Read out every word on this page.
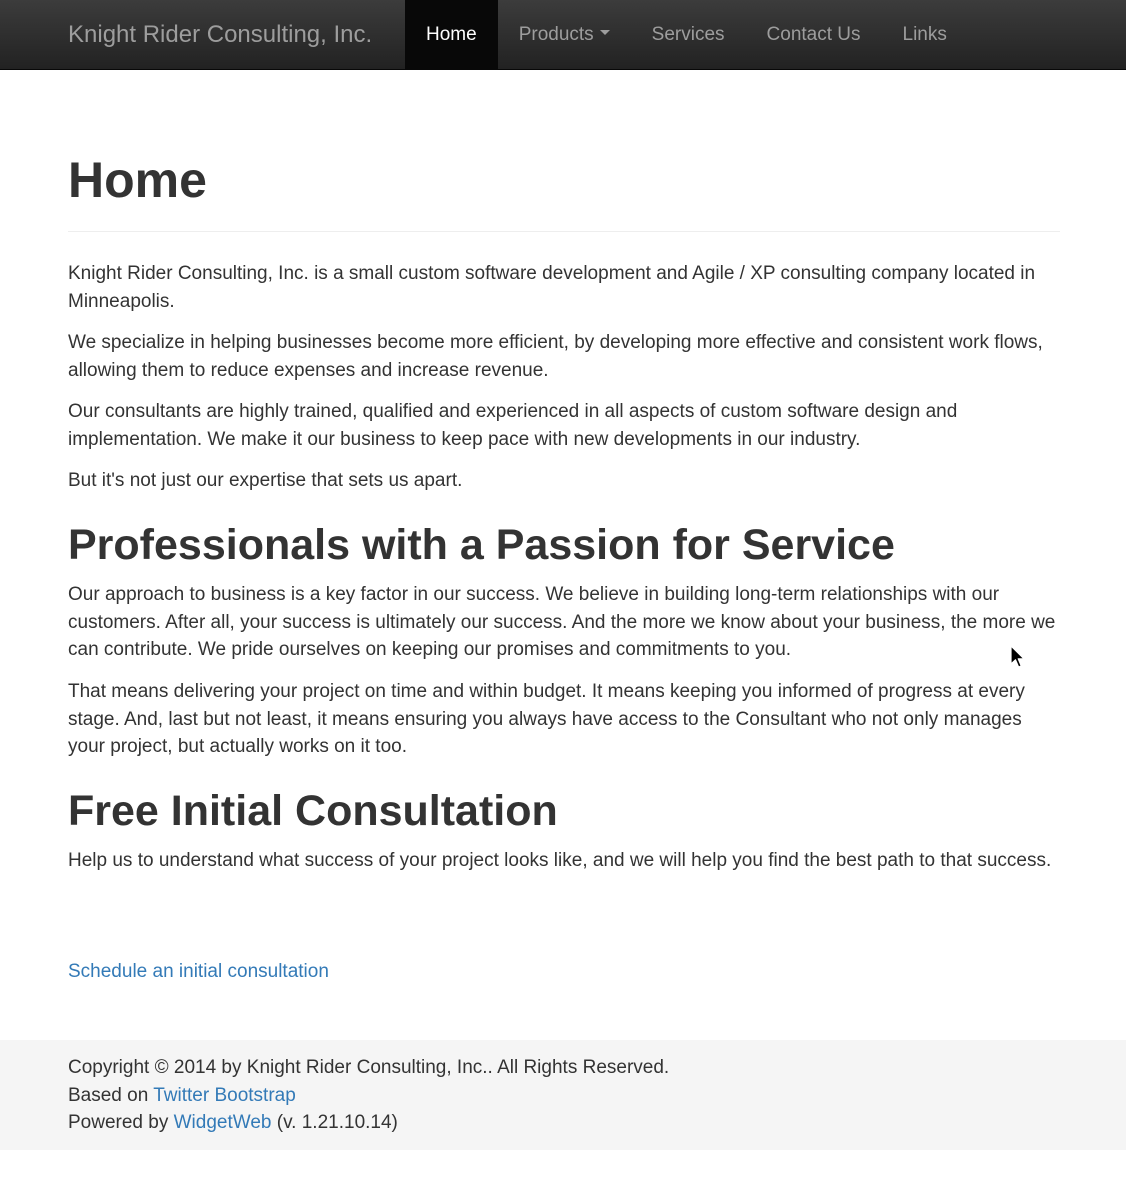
Knight Rider Consulting, Inc.	Home	Products	Services	Contact Us	Links
Home

Knight Rider Consulting, Inc. is a small custom software development and Agile / XP consulting company located in Minneapolis.

We specialize in helping businesses become more efficient, by developing more effective and consistent work flows, allowing them to reduce expenses and increase revenue.

Our consultants are highly trained, qualified and experienced in all aspects of custom software design and implementation. We make it our business to keep pace with new developments in our industry.

But it's not just our expertise that sets us apart.

Professionals with a Passion for Service

Our approach to business is a key factor in our success. We believe in building long-term relationships with our customers. After all, your success is ultimately our success. And the more we know about your business, the more we can contribute. We pride ourselves on keeping our promises and commitments to you.

That means delivering your project on time and within budget. It means keeping you informed of progress at every stage. And, last but not least, it means ensuring you always have access to the Consultant who not only manages your project, but actually works on it too.

Free Initial Consultation

Help us to understand what success of your project looks like, and we will help you find the best path to that success.

Schedule an initial consultation
Copyright © 2014 by Knight Rider Consulting, Inc.. All Rights Reserved.
Based on Twitter Bootstrap
Powered by WidgetWeb (v. 1.21.10.14)
